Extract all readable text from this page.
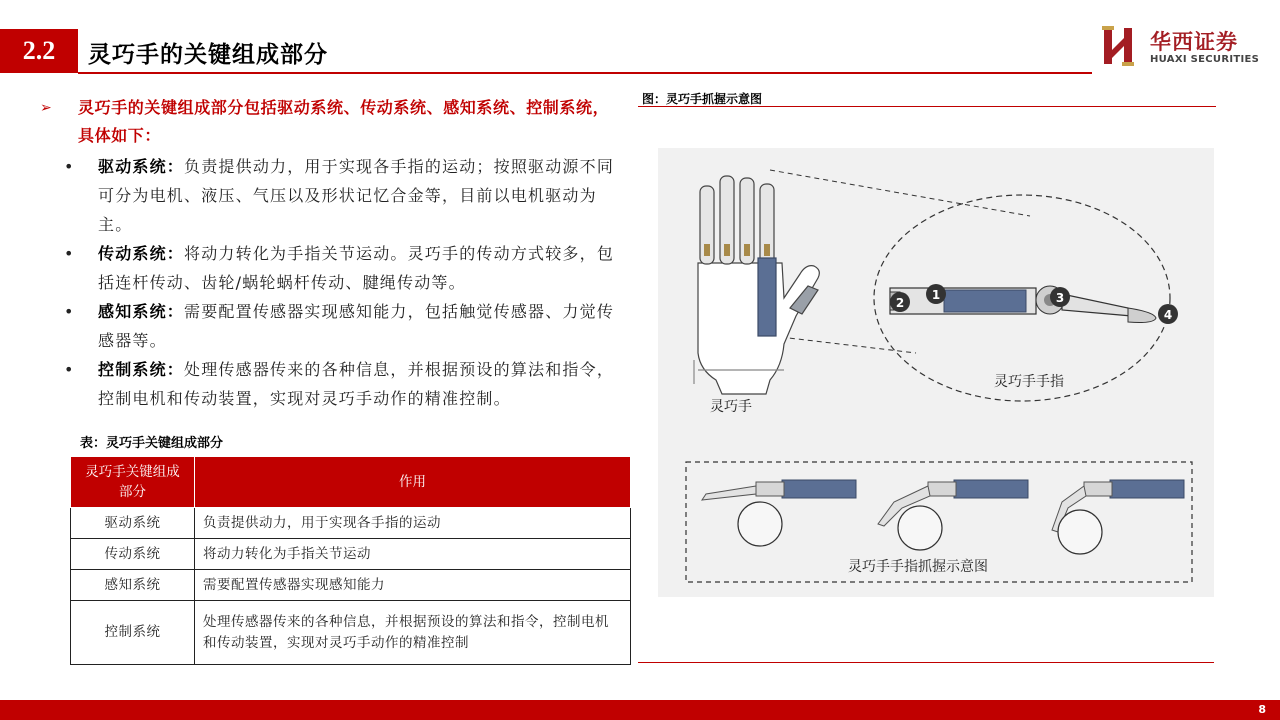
2.2	灵巧手的关键组成部分
华西证券
HUAXI SECURITIES
➢	灵巧手的关键组成部分包括驱动系统、传动系统、感知系统、控制系统，具体如下：
• 驱动系统：负责提供动力，用于实现各手指的运动；按照驱动源不同可分为电机、液压、气压以及形状记忆合金等，目前以电机驱动为主。
• 传动系统：将动力转化为手指关节运动。灵巧手的传动方式较多，包括连杆传动、齿轮/蜗轮蜗杆传动、腱绳传动等。
• 感知系统：需要配置传感器实现感知能力，包括触觉传感器、力觉传感器等。
• 控制系统：处理传感器传来的各种信息，并根据预设的算法和指令，控制电机和传动装置，实现对灵巧手动作的精准控制。
表：灵巧手关键组成部分
灵巧手关键组成部分	作用
驱动系统	负责提供动力，用于实现各手指的运动
传动系统	将动力转化为手指关节运动
感知系统	需要配置传感器实现感知能力
控制系统	处理传感器传来的各种信息，并根据预设的算法和指令，控制电机和传动装置，实现对灵巧手动作的精准控制
图：灵巧手抓握示意图
灵巧手
1
2	3
4
灵巧手手指
灵巧手手指抓握示意图
8
